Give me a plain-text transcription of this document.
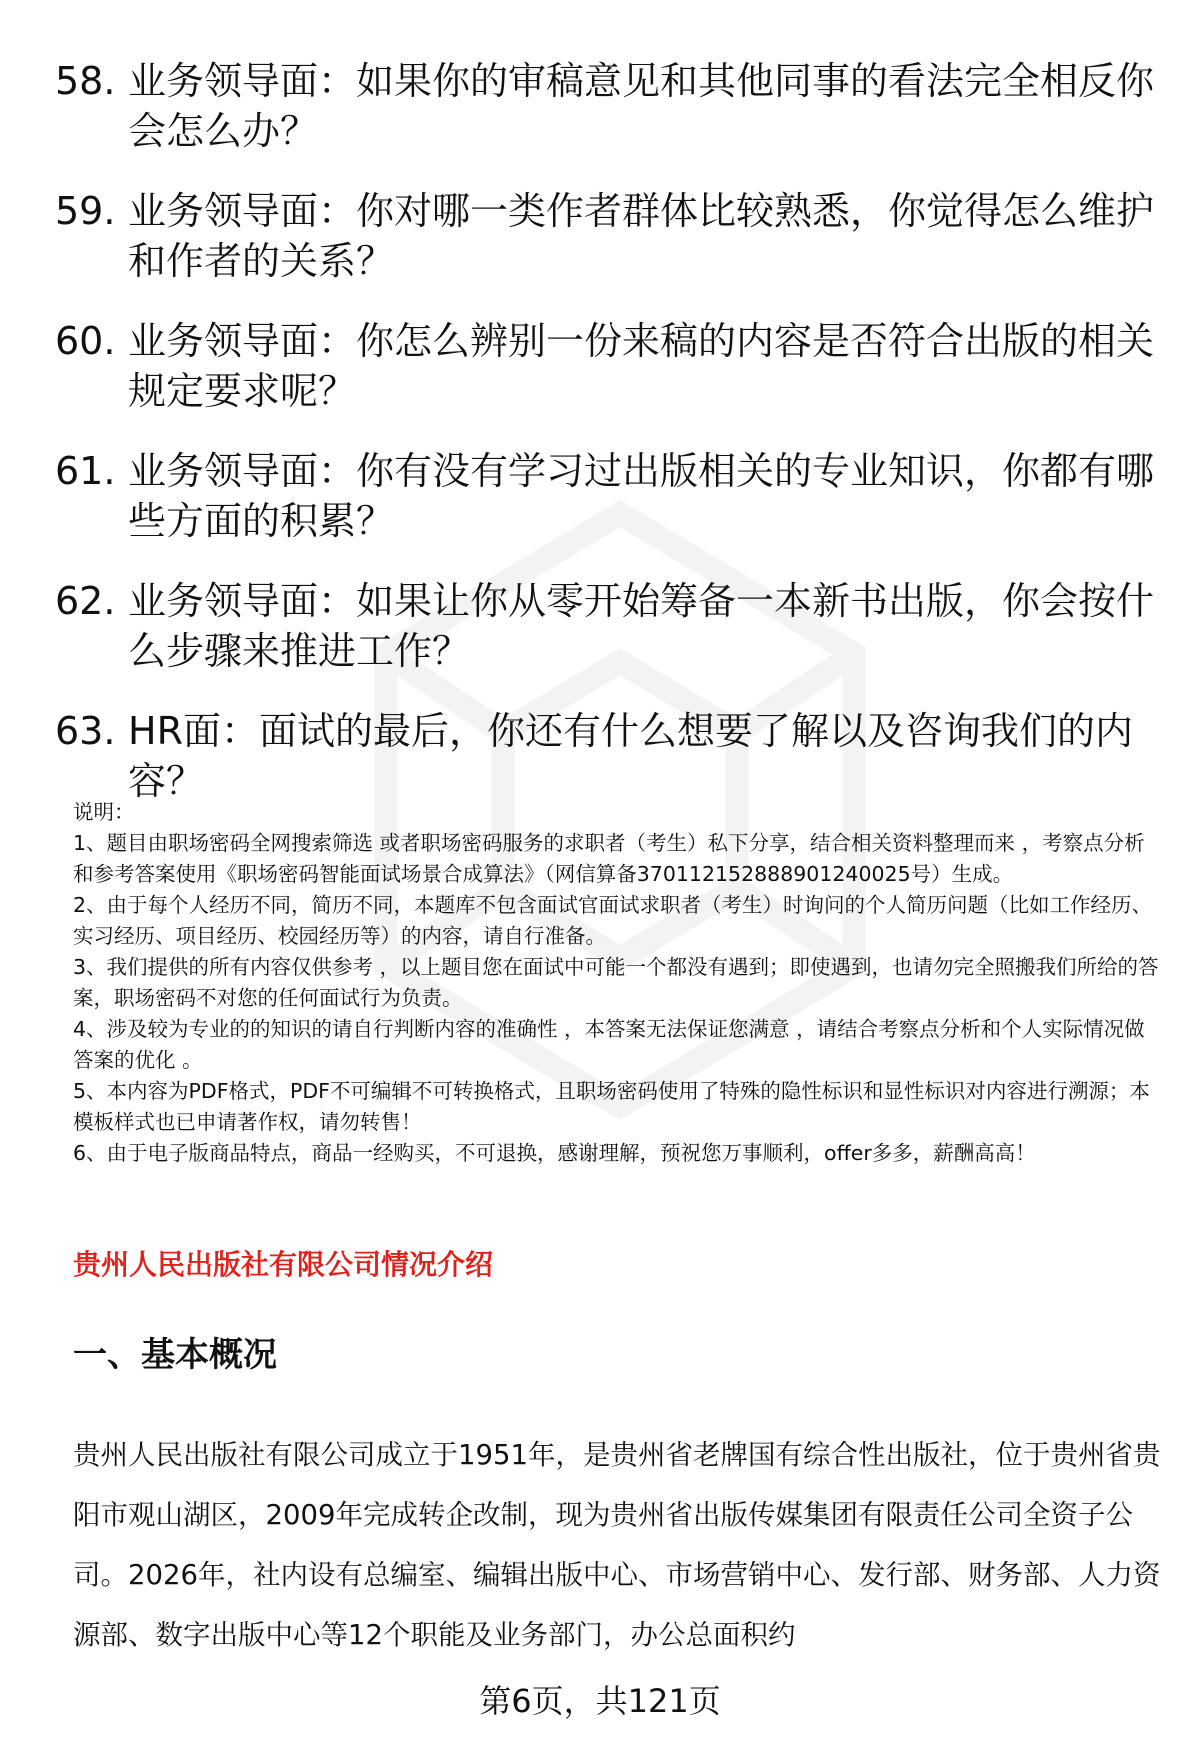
58. 业务领导面：如果你的审稿意见和其他同事的看法完全相反你会怎么办？
59. 业务领导面：你对哪一类作者群体比较熟悉，你觉得怎么维护和作者的关系？
60. 业务领导面：你怎么辨别一份来稿的内容是否符合出版的相关规定要求呢？
61. 业务领导面：你有没有学习过出版相关的专业知识，你都有哪些方面的积累？
62. 业务领导面：如果让你从零开始筹备一本新书出版，你会按什么步骤来推进工作？
63. HR面：面试的最后，你还有什么想要了解以及咨询我们的内容？

说明：

1、题目由职场密码全网搜索筛选 或者职场密码服务的求职者（考生）私下分享，结合相关资料整理而来 ，考察点分析和参考答案使用《职场密码智能面试场景合成算法》（网信算备370112152888901240025号）生成。

2、由于每个人经历不同，简历不同，本题库不包含面试官面试求职者（考生）时询问的个人简历问题（比如工作经历、实习经历、项目经历、校园经历等）的内容，请自行准备。

3、我们提供的所有内容仅供参考 ，以上题目您在面试中可能一个都没有遇到；即使遇到，也请勿完全照搬我们所给的答案，职场密码不对您的任何面试行为负责。

4、涉及较为专业的的知识的请自行判断内容的准确性 ，本答案无法保证您满意 ，请结合考察点分析和个人实际情况做答案的优化 。

5、本内容为PDF格式，PDF不可编辑不可转换格式，且职场密码使用了特殊的隐性标识和显性标识对内容进行溯源；本模板样式也已申请著作权，请勿转售！

6、由于电子版商品特点，商品一经购买，不可退换，感谢理解，预祝您万事顺利，offer多多，薪酬高高！

贵州人民出版社有限公司情况介绍
一、基本概况

贵州人民出版社有限公司成立于1951年，是贵州省老牌国有综合性出版社，位于贵州省贵阳市观山湖区，2009年完成转企改制，现为贵州省出版传媒集团有限责任公司全资子公司。2026年，社内设有总编室、编辑出版中心、市场营销中心、发行部、财务部、人力资源部、数字出版中心等12个职能及业务部门，办公总面积约

第6页，共121页
